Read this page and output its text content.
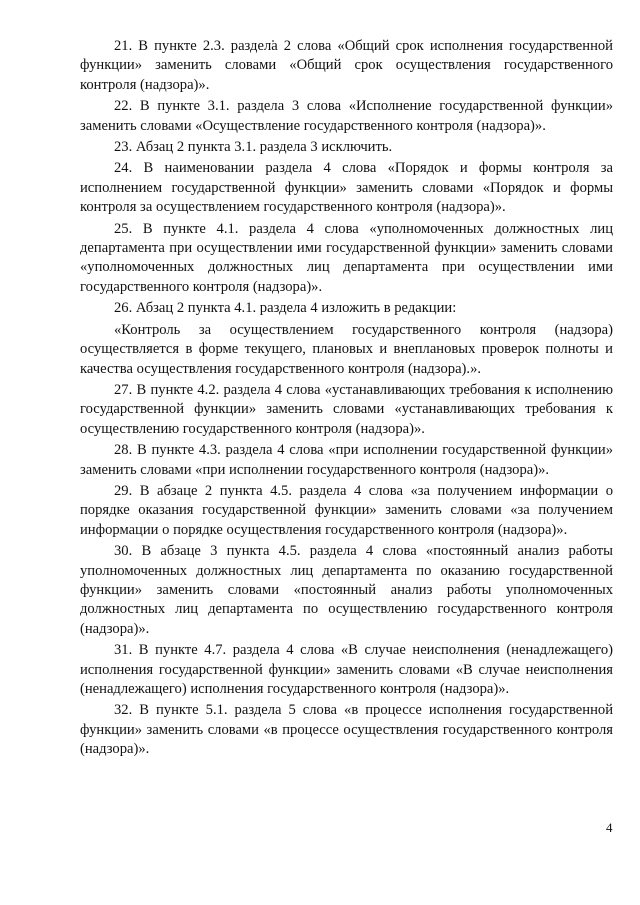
21. В пункте 2.3. раздела 2 слова «Общий срок исполнения государственной функции» заменить словами «Общий срок осуществления государственного контроля (надзора)».

22. В пункте 3.1. раздела 3 слова «Исполнение государственной функции» заменить словами «Осуществление государственного контроля (надзора)».

23. Абзац 2 пункта 3.1. раздела 3 исключить.

24. В наименовании раздела 4 слова «Порядок и формы контроля за исполнением государственной функции» заменить словами «Порядок и формы контроля за осуществлением государственного контроля (надзора)».

25. В пункте 4.1. раздела 4 слова «уполномоченных должностных лиц департамента при осуществлении ими государственной функции» заменить словами «уполномоченных должностных лиц департамента при осуществлении ими государственного контроля (надзора)».

26. Абзац 2 пункта 4.1. раздела 4 изложить в редакции:

«Контроль за осуществлением государственного контроля (надзора) осуществляется в форме текущего, плановых и внеплановых проверок полноты и качества осуществления государственного контроля (надзора).».

27. В пункте 4.2. раздела 4 слова «устанавливающих требования к исполнению государственной функции» заменить словами «устанавливающих требования к осуществлению государственного контроля (надзора)».

28. В пункте 4.3. раздела 4 слова «при исполнении государственной функции» заменить словами «при исполнении государственного контроля (надзора)».

29. В абзаце 2 пункта 4.5. раздела 4 слова «за получением информации о порядке оказания государственной функции» заменить словами «за получением информации о порядке осуществления государственного контроля (надзора)».

30. В абзаце 3 пункта 4.5. раздела 4 слова «постоянный анализ работы уполномоченных должностных лиц департамента по оказанию государственной функции» заменить словами «постоянный анализ работы уполномоченных должностных лиц департамента по осуществлению государственного контроля (надзора)».

31. В пункте 4.7. раздела 4 слова «В случае неисполнения (ненадлежащего) исполнения государственной функции» заменить словами «В случае неисполнения (ненадлежащего) исполнения государственного контроля (надзора)».

32. В пункте 5.1. раздела 5 слова «в процессе исполнения государственной функции» заменить словами «в процессе осуществления государственного контроля (надзора)».

4
